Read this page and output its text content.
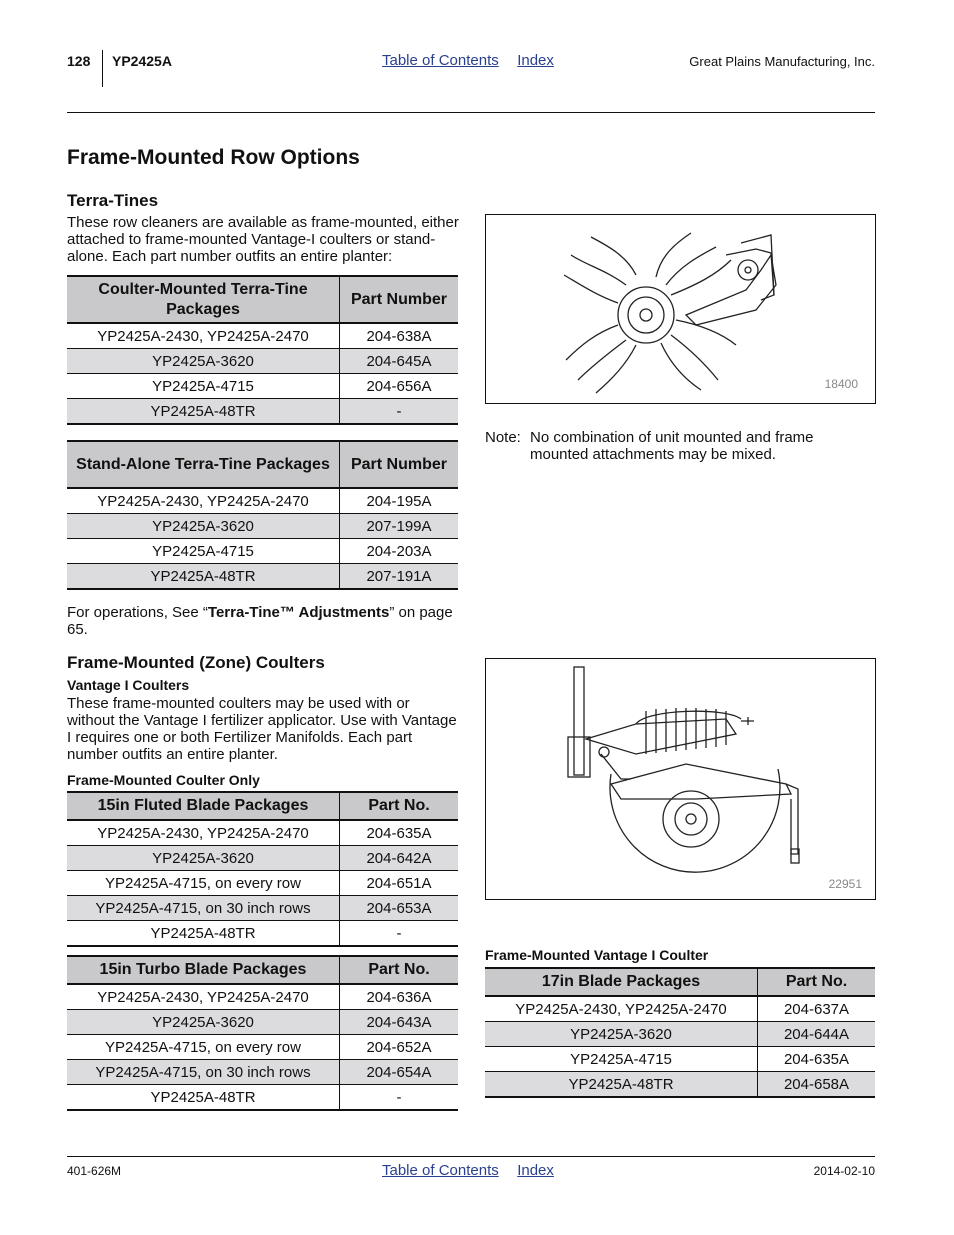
128 YP2425A	Table of Contents Index	Great Plains Manufacturing, Inc.
Frame-Mounted Row Options
Terra-Tines
These row cleaners are available as frame-mounted, either attached to frame-mounted Vantage-I coulters or stand-alone. Each part number outfits an entire planter:
Coulter-Mounted Terra-Tine Packages	Part Number
YP2425A-2430, YP2425A-2470	204-638A
YP2425A-3620	204-645A
YP2425A-4715	204-656A
YP2425A-48TR	-
Stand-Alone Terra-Tine Packages	Part Number
YP2425A-2430, YP2425A-2470	204-195A
YP2425A-3620	207-199A
YP2425A-4715	204-203A
YP2425A-48TR	207-191A
For operations, See “Terra-Tine™ Adjustments” on page 65.
18400
Note: No combination of unit mounted and frame mounted attachments may be mixed.
Frame-Mounted (Zone) Coulters
Vantage I Coulters
These frame-mounted coulters may be used with or without the Vantage I fertilizer applicator. Use with Vantage I requires one or both Fertilizer Manifolds. Each part number outfits an entire planter.
Frame-Mounted Coulter Only
15in Fluted Blade Packages	Part No.
YP2425A-2430, YP2425A-2470	204-635A
YP2425A-3620	204-642A
YP2425A-4715, on every row	204-651A
YP2425A-4715, on 30 inch rows	204-653A
YP2425A-48TR	-
15in Turbo Blade Packages	Part No.
YP2425A-2430, YP2425A-2470	204-636A
YP2425A-3620	204-643A
YP2425A-4715, on every row	204-652A
YP2425A-4715, on 30 inch rows	204-654A
YP2425A-48TR	-
22951
Frame-Mounted Vantage I Coulter
17in Blade Packages	Part No.
YP2425A-2430, YP2425A-2470	204-637A
YP2425A-3620	204-644A
YP2425A-4715	204-635A
YP2425A-48TR	204-658A
401-626M	Table of Contents Index	2014-02-10
